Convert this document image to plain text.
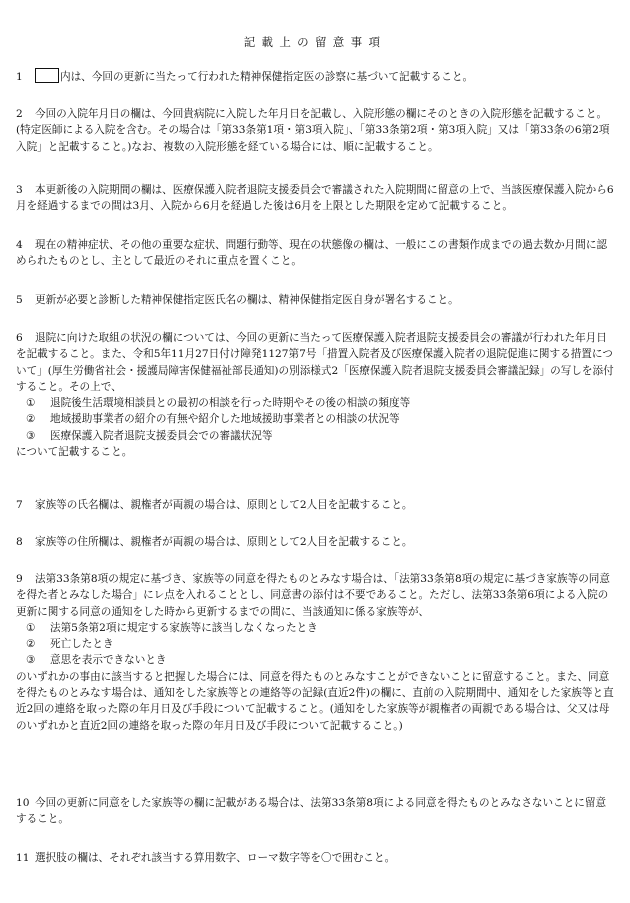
記載上の留意事項
1	内は、今回の更新に当たって行われた精神保健指定医の診察に基づいて記載すること。
2 今回の入院年月日の欄は、今回貴病院に入院した年月日を記載し、入院形態の欄にそのときの入院形態を記載すること。(特定医師による入院を含む。その場合は「第33条第1項・第3項入院」、「第33条第2項・第3項入院」又は「第33条の6第2項入院」と記載すること。)なお、複数の入院形態を経ている場合には、順に記載すること。
3 本更新後の入院期間の欄は、医療保護入院者退院支援委員会で審議された入院期間に留意の上で、当該医療保護入院から6月を経過するまでの間は3月、入院から6月を経過した後は6月を上限とした期限を定めて記載すること。
4 現在の精神症状、その他の重要な症状、問題行動等、現在の状態像の欄は、一般にこの書類作成までの過去数か月間に認められたものとし、主として最近のそれに重点を置くこと。
5 更新が必要と診断した精神保健指定医氏名の欄は、精神保健指定医自身が署名すること。

6 退院に向けた取組の状況の欄については、今回の更新に当たって医療保護入院者退院支援委員会の審議が行われた年月日を記載すること。また、令和5年11月27日付け障発1127第7号「措置入院者及び医療保護入院者の退院促進に関する措置について」(厚生労働省社会・援護局障害保健福祉部長通知)の別添様式2「医療保護入院者退院支援委員会審議記録」の写しを添付すること。その上で、

① 退院後生活環境相談員との最初の相談を行った時期やその後の相談の頻度等

② 地域援助事業者の紹介の有無や紹介した地域援助事業者との相談の状況等

③ 医療保護入院者退院支援委員会での審議状況等

について記載すること。

7 家族等の氏名欄は、親権者が両親の場合は、原則として2人目を記載すること。
8 家族等の住所欄は、親権者が両親の場合は、原則として2人目を記載すること。

9 法第33条第8項の規定に基づき、家族等の同意を得たものとみなす場合は、「法第33条第8項の規定に基づき家族等の同意を得た者とみなした場合」にレ点を入れることとし、同意書の添付は不要であること。ただし、法第33条第6項による入院の更新に関する同意の通知をした時から更新するまでの間に、当該通知に係る家族等が、

① 法第5条第2項に規定する家族等に該当しなくなったとき

② 死亡したとき

③ 意思を表示できないとき

のいずれかの事由に該当すると把握した場合には、同意を得たものとみなすことができないことに留意すること。また、同意を得たものとみなす場合は、通知をした家族等との連絡等の記録(直近2件)の欄に、直前の入院期間中、通知をした家族等と直近2回の連絡を取った際の年月日及び手段について記載すること。(通知をした家族等が親権者の両親である場合は、父又は母のいずれかと直近2回の連絡を取った際の年月日及び手段について記載すること。)

10 今回の更新に同意をした家族等の欄に記載がある場合は、法第33条第8項による同意を得たものとみなさないことに留意すること。
11 選択肢の欄は、それぞれ該当する算用数字、ローマ数字等を〇で囲むこと。
